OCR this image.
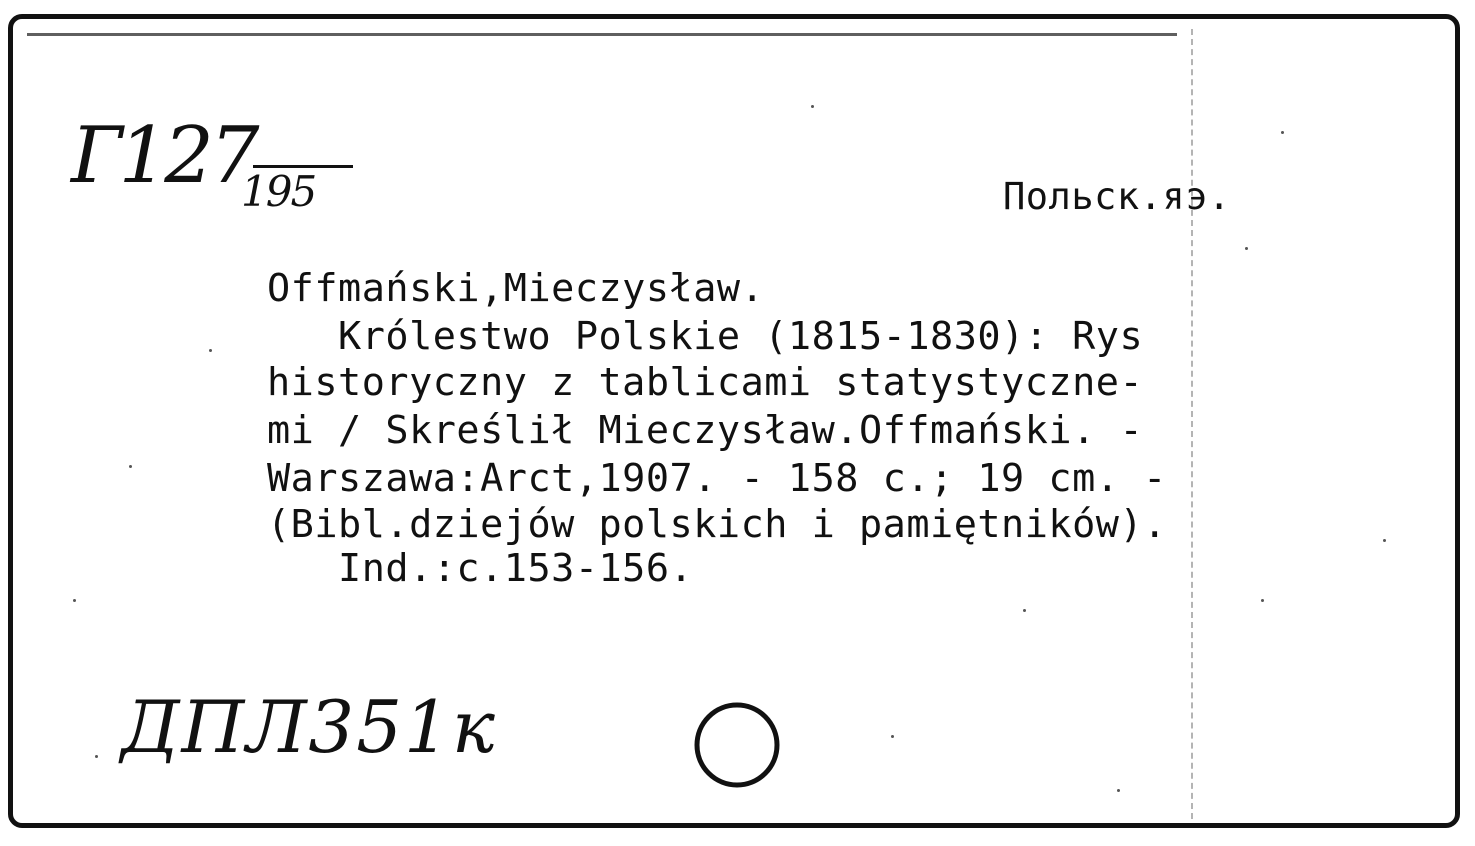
Г127

195	Польск.яэ.

Offmański,Mieczysław.

Królestwo Polskie (1815-1830): Rys

historyczny z tablicami statystyczne-

mi / Skreślił Mieczysław.Offmański. -

Warszawa:Arct,1907. - 158 c.; 19 cm. -

(Bibl.dziejów polskich i pamiętników).

Ind.:c.153-156.

ДПЛ351к
